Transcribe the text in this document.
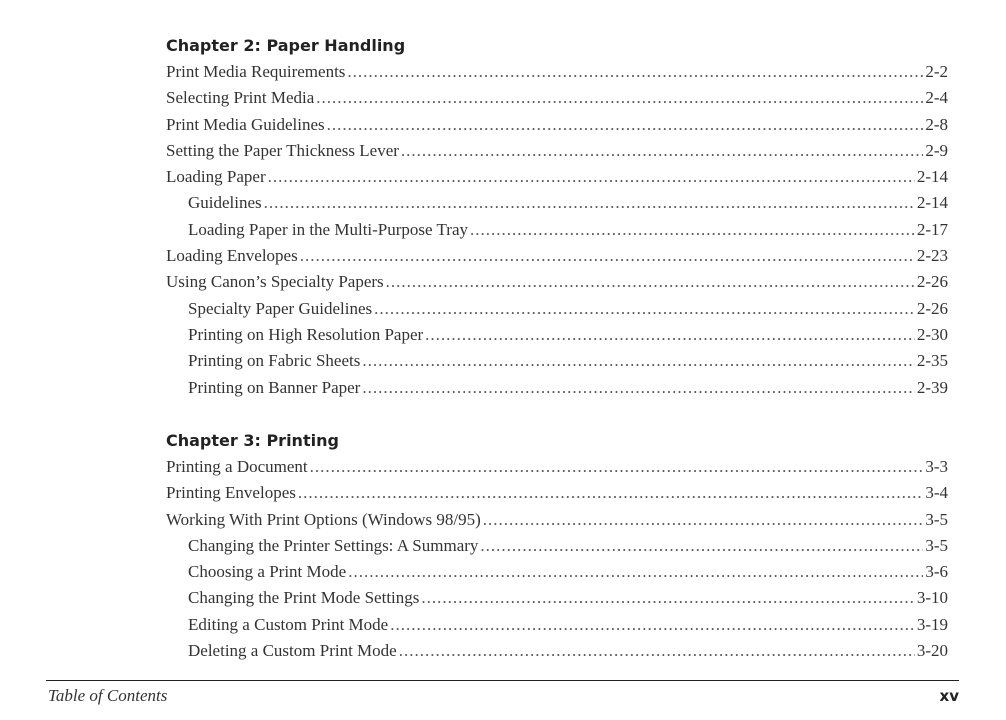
Chapter 2: Paper Handling
Print Media Requirements .....	2-2
Selecting Print Media .....	2-4
Print Media Guidelines .....	2-8
Setting the Paper Thickness Lever .....	2-9
Loading Paper .....	2-14
Guidelines .....	2-14
Loading Paper in the Multi-Purpose Tray .....	2-17
Loading Envelopes .....	2-23
Using Canon’s Specialty Papers .....	2-26
Specialty Paper Guidelines .....	2-26
Printing on High Resolution Paper .....	2-30
Printing on Fabric Sheets .....	2-35
Printing on Banner Paper .....	2-39
Chapter 3: Printing
Printing a Document .....	3-3
Printing Envelopes .....	3-4
Working With Print Options (Windows 98/95) .....	3-5
Changing the Printer Settings: A Summary .....	3-5
Choosing a Print Mode .....	3-6
Changing the Print Mode Settings .....	3-10
Editing a Custom Print Mode .....	3-19
Deleting a Custom Print Mode .....	3-20
Table of Contents	xv
